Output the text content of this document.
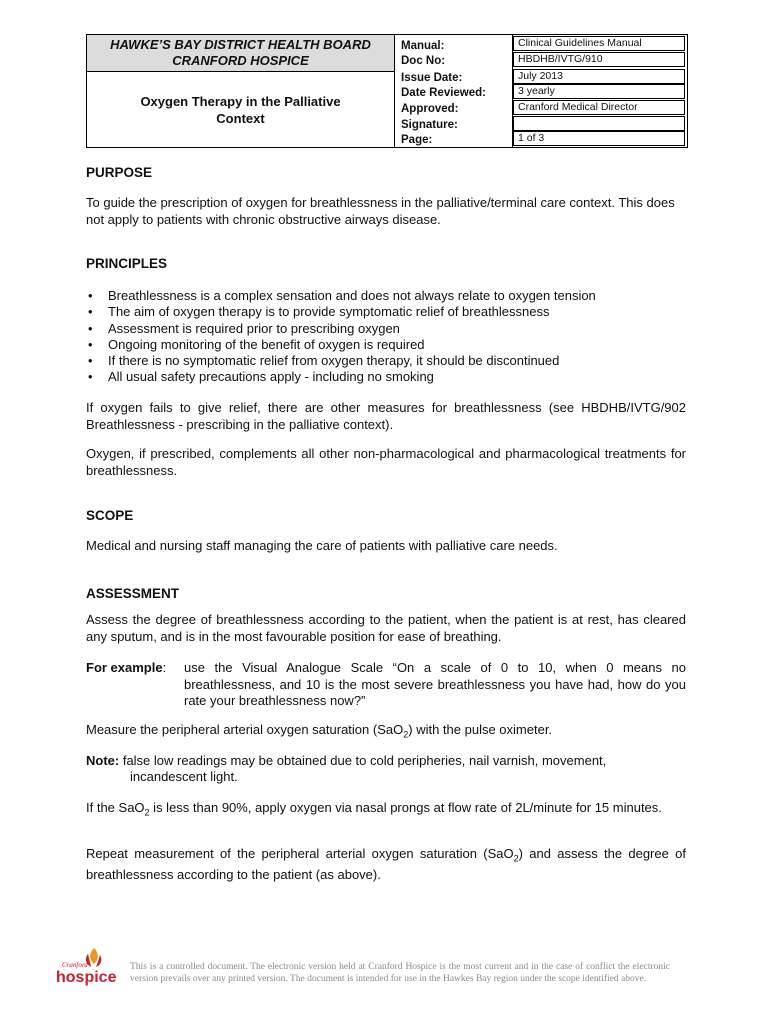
HAWKE’S BAY DISTRICT HEALTH BOARD
CRANFORD HOSPICE
Oxygen Therapy in the Palliative
Context
Manual:
Doc No:
Issue Date:
Date Reviewed:
Approved:
Signature:
Page:
Clinical Guidelines Manual
HBDHB/IVTG/910
July 2013
3 yearly
Cranford Medical Director
1 of 3
PURPOSE
To guide the prescription of oxygen for breathlessness in the palliative/terminal care context. This does not apply to patients with chronic obstructive airways disease.
PRINCIPLES
• Breathlessness is a complex sensation and does not always relate to oxygen tension
• The aim of oxygen therapy is to provide symptomatic relief of breathlessness
• Assessment is required prior to prescribing oxygen
• Ongoing monitoring of the benefit of oxygen is required
• If there is no symptomatic relief from oxygen therapy, it should be discontinued
• All usual safety precautions apply - including no smoking
If oxygen fails to give relief, there are other measures for breathlessness (see HBDHB/IVTG/902 Breathlessness - prescribing in the palliative context).
Oxygen, if prescribed, complements all other non-pharmacological and pharmacological treatments for breathlessness.
SCOPE
Medical and nursing staff managing the care of patients with palliative care needs.
ASSESSMENT
Assess the degree of breathlessness according to the patient, when the patient is at rest, has cleared any sputum, and is in the most favourable position for ease of breathing.
For example: use the Visual Analogue Scale “On a scale of 0 to 10, when 0 means no breathlessness, and 10 is the most severe breathlessness you have had, how do you rate your breathlessness now?”
Measure the peripheral arterial oxygen saturation (SaO$_2$) with the pulse oximeter.
Note: false low readings may be obtained due to cold peripheries, nail varnish, movement,
incandescent light.
If the SaO$_2$ is less than 90%, apply oxygen via nasal prongs at flow rate of 2L/minute for 15 minutes.
Repeat measurement of the peripheral arterial oxygen saturation (SaO$_2$) and assess the degree of breathlessness according to the patient (as above).
Cranford
hospice
This is a controlled document. The electronic version held at Cranford Hospice is the most current and in the case of conflict the electronic version prevails over any printed version. The document is intended for use in the Hawkes Bay region under the scope identified above.
